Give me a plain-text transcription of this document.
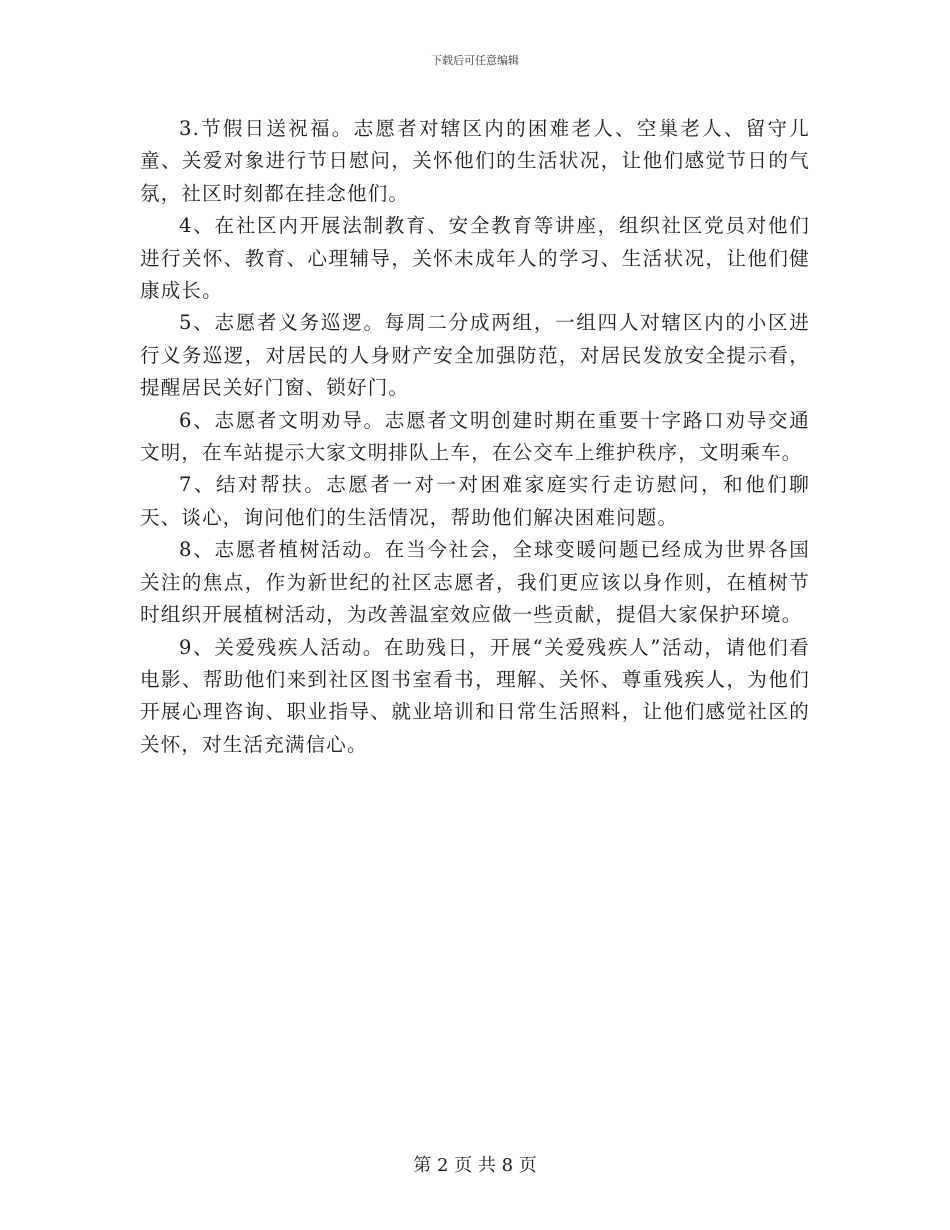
下载后可任意编辑

3.节假日送祝福。志愿者对辖区内的困难老人、空巢老人、留守儿童、关爱对象进行节日慰问，关怀他们的生活状况，让他们感觉节日的气氛，社区时刻都在挂念他们。

4、在社区内开展法制教育、安全教育等讲座，组织社区党员对他们进行关怀、教育、心理辅导，关怀未成年人的学习、生活状况，让他们健康成长。

5、志愿者义务巡逻。每周二分成两组，一组四人对辖区内的小区进行义务巡逻，对居民的人身财产安全加强防范，对居民发放安全提示看，提醒居民关好门窗、锁好门。

6、志愿者文明劝导。志愿者文明创建时期在重要十字路口劝导交通文明，在车站提示大家文明排队上车，在公交车上维护秩序，文明乘车。

7、结对帮扶。志愿者一对一对困难家庭实行走访慰问，和他们聊天、谈心，询问他们的生活情况，帮助他们解决困难问题。

8、志愿者植树活动。在当今社会，全球变暖问题已经成为世界各国关注的焦点，作为新世纪的社区志愿者，我们更应该以身作则，在植树节时组织开展植树活动，为改善温室效应做一些贡献，提倡大家保护环境。

9、关爱残疾人活动。在助残日，开展“关爱残疾人”活动，请他们看电影、帮助他们来到社区图书室看书，理解、关怀、尊重残疾人，为他们开展心理咨询、职业指导、就业培训和日常生活照料，让他们感觉社区的关怀，对生活充满信心。

第 2 页 共 8 页
